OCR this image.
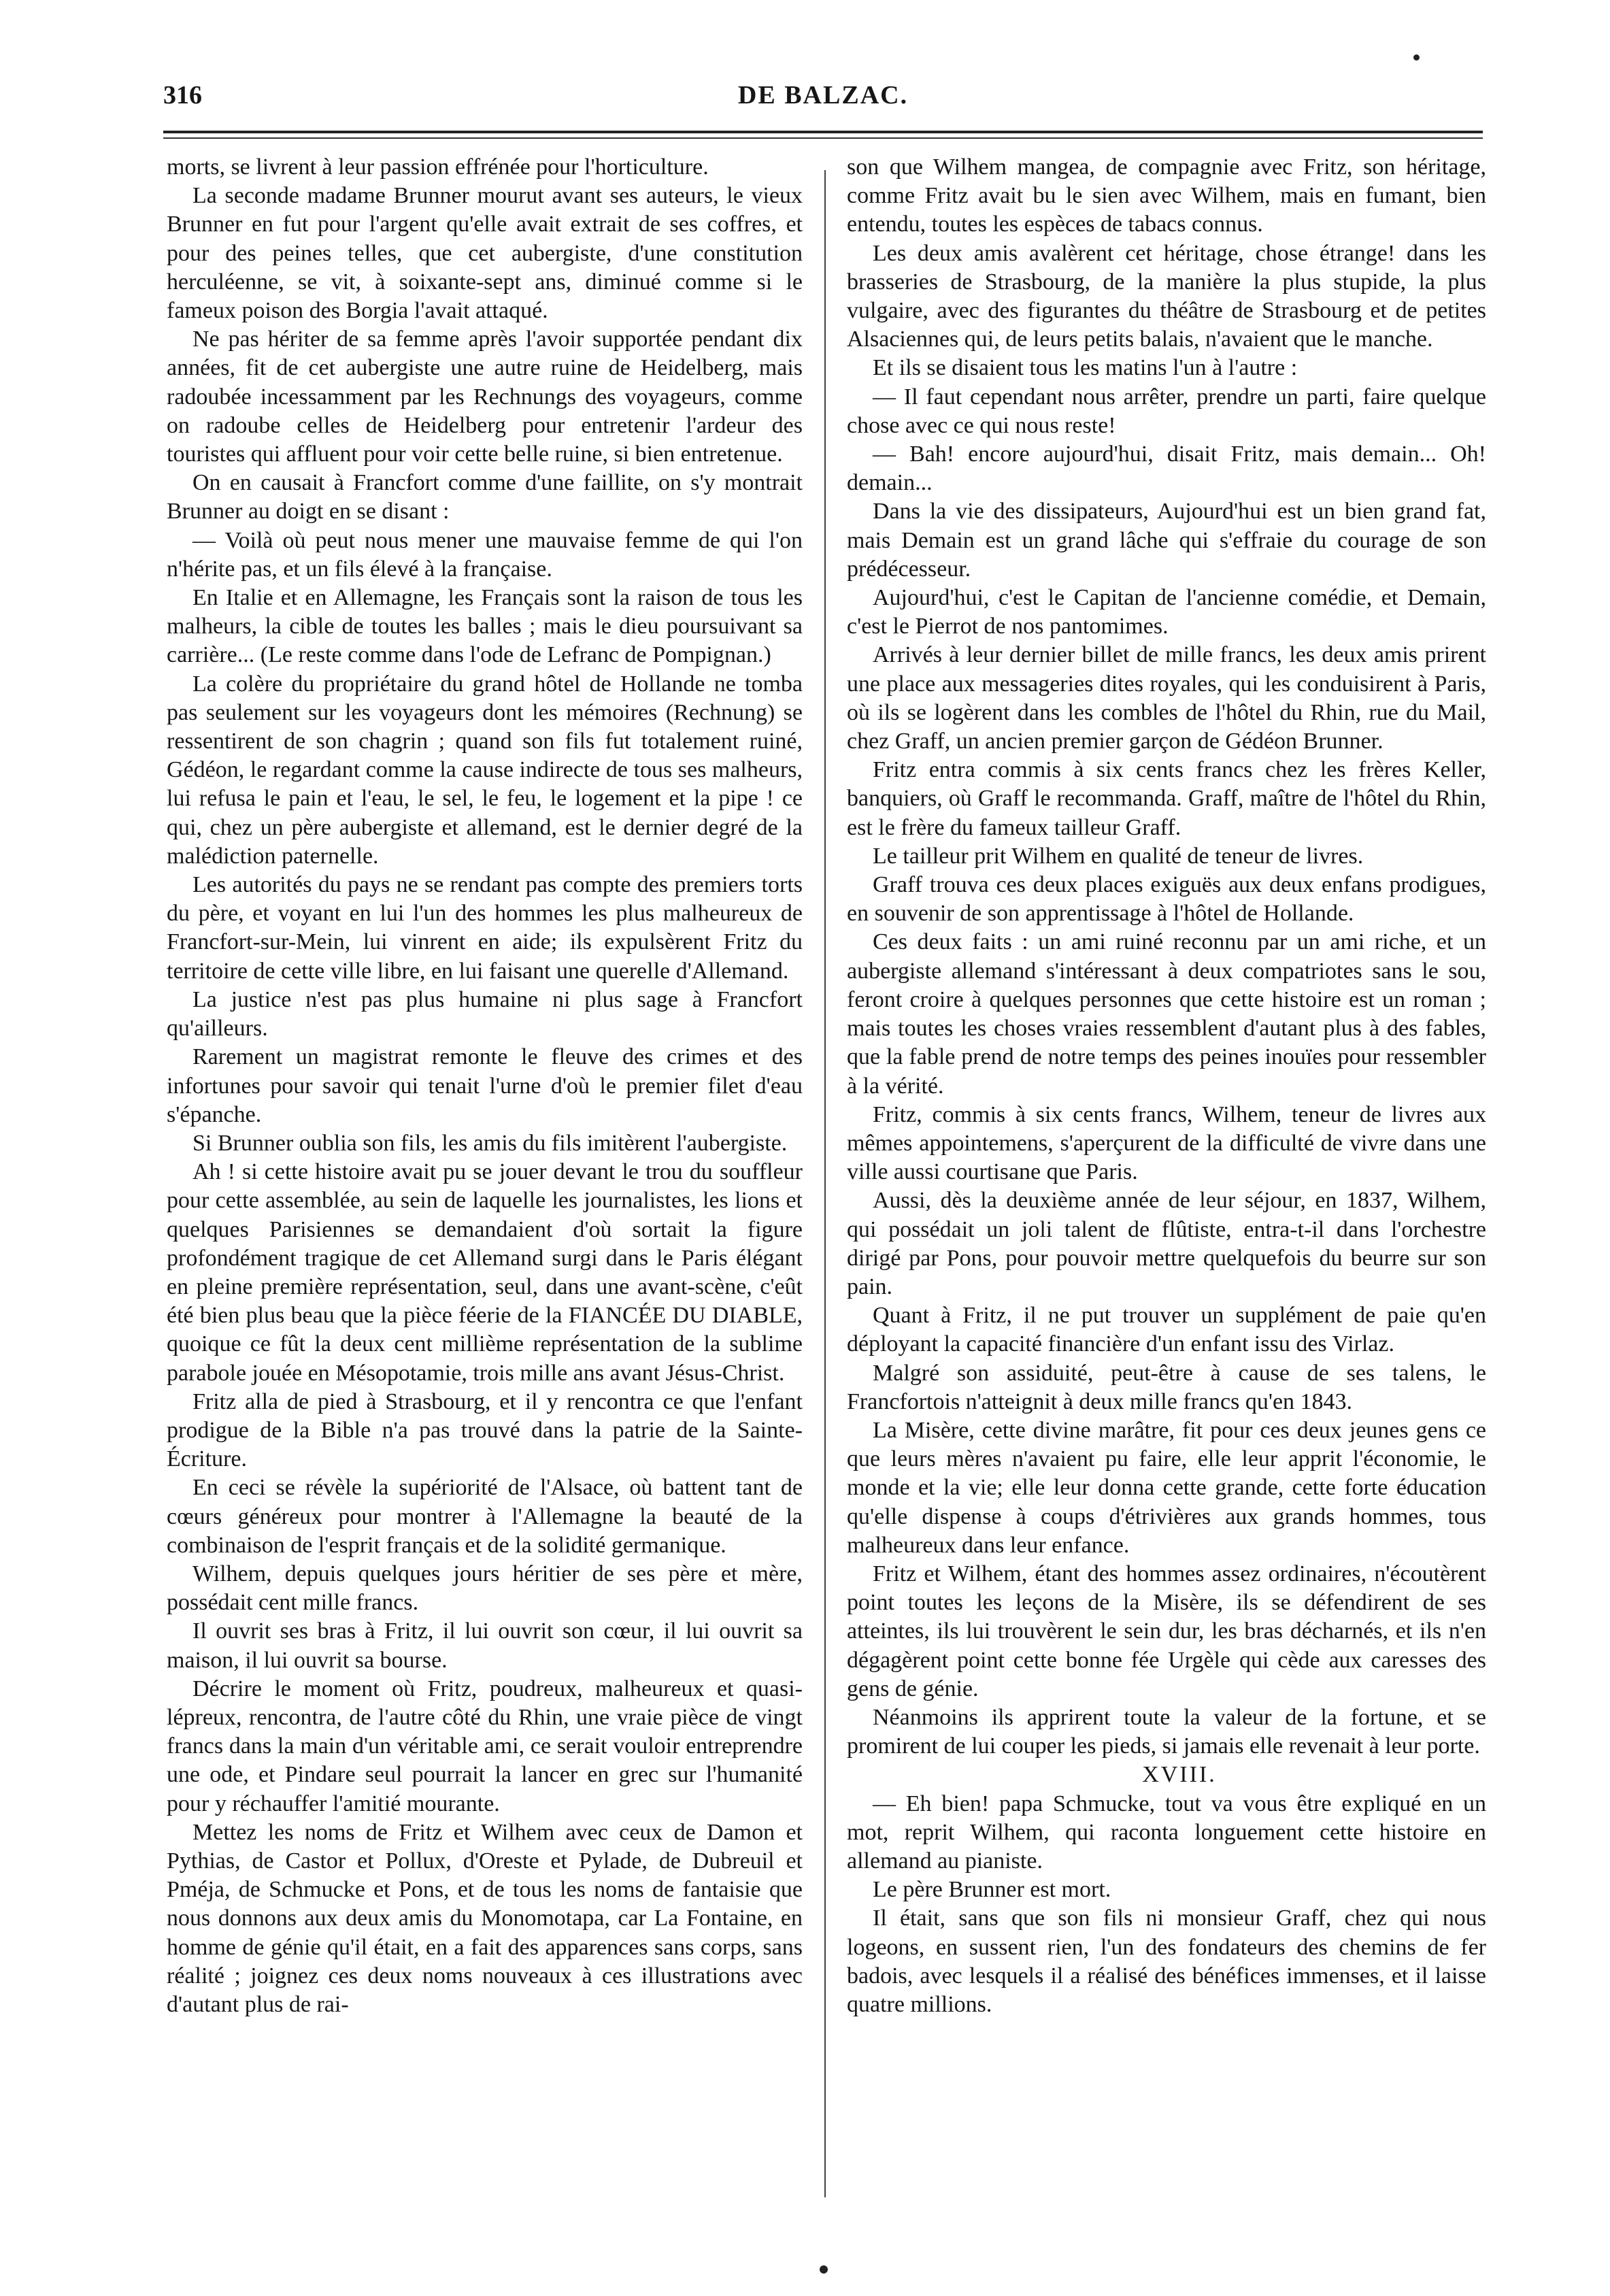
316	DE BALZAC.

morts, se livrent à leur passion effrénée pour l'horticulture.

La seconde madame Brunner mourut avant ses auteurs, le vieux Brunner en fut pour l'argent qu'elle avait extrait de ses coffres, et pour des peines telles, que cet aubergiste, d'une constitution herculéenne, se vit, à soixante-sept ans, diminué comme si le fameux poison des Borgia l'avait attaqué.

Ne pas hériter de sa femme après l'avoir supportée pendant dix années, fit de cet aubergiste une autre ruine de Heidelberg, mais radoubée incessamment par les Rechnungs des voyageurs, comme on radoube celles de Heidelberg pour entretenir l'ardeur des touristes qui affluent pour voir cette belle ruine, si bien entretenue.

On en causait à Francfort comme d'une faillite, on s'y montrait Brunner au doigt en se disant :

— Voilà où peut nous mener une mauvaise femme de qui l'on n'hérite pas, et un fils élevé à la française.

En Italie et en Allemagne, les Français sont la raison de tous les malheurs, la cible de toutes les balles ; mais le dieu poursuivant sa carrière... (Le reste comme dans l'ode de Lefranc de Pompignan.)

La colère du propriétaire du grand hôtel de Hollande ne tomba pas seulement sur les voyageurs dont les mémoires (Rechnung) se ressentirent de son chagrin ; quand son fils fut totalement ruiné, Gédéon, le regardant comme la cause indirecte de tous ses malheurs, lui refusa le pain et l'eau, le sel, le feu, le logement et la pipe ! ce qui, chez un père aubergiste et allemand, est le dernier degré de la malédiction paternelle.

Les autorités du pays ne se rendant pas compte des premiers torts du père, et voyant en lui l'un des hommes les plus malheureux de Francfort-sur-Mein, lui vinrent en aide; ils expulsèrent Fritz du territoire de cette ville libre, en lui faisant une querelle d'Allemand.

La justice n'est pas plus humaine ni plus sage à Francfort qu'ailleurs.

Rarement un magistrat remonte le fleuve des crimes et des infortunes pour savoir qui tenait l'urne d'où le premier filet d'eau s'épanche.

Si Brunner oublia son fils, les amis du fils imitèrent l'aubergiste.

Ah ! si cette histoire avait pu se jouer devant le trou du souffleur pour cette assemblée, au sein de laquelle les journalistes, les lions et quelques Parisiennes se demandaient d'où sortait la figure profondément tragique de cet Allemand surgi dans le Paris élégant en pleine première représentation, seul, dans une avant-scène, c'eût été bien plus beau que la pièce féerie de la FIANCÉE DU DIABLE, quoique ce fût la deux cent millième représentation de la sublime parabole jouée en Mésopotamie, trois mille ans avant Jésus-Christ.

Fritz alla de pied à Strasbourg, et il y rencontra ce que l'enfant prodigue de la Bible n'a pas trouvé dans la patrie de la Sainte-Écriture.

En ceci se révèle la supériorité de l'Alsace, où battent tant de cœurs généreux pour montrer à l'Allemagne la beauté de la combinaison de l'esprit français et de la solidité germanique.

Wilhem, depuis quelques jours héritier de ses père et mère, possédait cent mille francs.

Il ouvrit ses bras à Fritz, il lui ouvrit son cœur, il lui ouvrit sa maison, il lui ouvrit sa bourse.

Décrire le moment où Fritz, poudreux, malheureux et quasi-lépreux, rencontra, de l'autre côté du Rhin, une vraie pièce de vingt francs dans la main d'un véritable ami, ce serait vouloir entreprendre une ode, et Pindare seul pourrait la lancer en grec sur l'humanité pour y réchauffer l'amitié mourante.

Mettez les noms de Fritz et Wilhem avec ceux de Damon et Pythias, de Castor et Pollux, d'Oreste et Pylade, de Dubreuil et Pméja, de Schmucke et Pons, et de tous les noms de fantaisie que nous donnons aux deux amis du Monomotapa, car La Fontaine, en homme de génie qu'il était, en a fait des apparences sans corps, sans réalité ; joignez ces deux noms nouveaux à ces illustrations avec d'autant plus de rai-

son que Wilhem mangea, de compagnie avec Fritz, son héritage, comme Fritz avait bu le sien avec Wilhem, mais en fumant, bien entendu, toutes les espèces de tabacs connus.

Les deux amis avalèrent cet héritage, chose étrange! dans les brasseries de Strasbourg, de la manière la plus stupide, la plus vulgaire, avec des figurantes du théâtre de Strasbourg et de petites Alsaciennes qui, de leurs petits balais, n'avaient que le manche.

Et ils se disaient tous les matins l'un à l'autre :

— Il faut cependant nous arrêter, prendre un parti, faire quelque chose avec ce qui nous reste!

— Bah! encore aujourd'hui, disait Fritz, mais demain... Oh! demain...

Dans la vie des dissipateurs, Aujourd'hui est un bien grand fat, mais Demain est un grand lâche qui s'effraie du courage de son prédécesseur.

Aujourd'hui, c'est le Capitan de l'ancienne comédie, et Demain, c'est le Pierrot de nos pantomimes.

Arrivés à leur dernier billet de mille francs, les deux amis prirent une place aux messageries dites royales, qui les conduisirent à Paris, où ils se logèrent dans les combles de l'hôtel du Rhin, rue du Mail, chez Graff, un ancien premier garçon de Gédéon Brunner.

Fritz entra commis à six cents francs chez les frères Keller, banquiers, où Graff le recommanda. Graff, maître de l'hôtel du Rhin, est le frère du fameux tailleur Graff.

Le tailleur prit Wilhem en qualité de teneur de livres.

Graff trouva ces deux places exiguës aux deux enfans prodigues, en souvenir de son apprentissage à l'hôtel de Hollande.

Ces deux faits : un ami ruiné reconnu par un ami riche, et un aubergiste allemand s'intéressant à deux compatriotes sans le sou, feront croire à quelques personnes que cette histoire est un roman ; mais toutes les choses vraies ressemblent d'autant plus à des fables, que la fable prend de notre temps des peines inouïes pour ressembler à la vérité.

Fritz, commis à six cents francs, Wilhem, teneur de livres aux mêmes appointemens, s'aperçurent de la difficulté de vivre dans une ville aussi courtisane que Paris.

Aussi, dès la deuxième année de leur séjour, en 1837, Wilhem, qui possédait un joli talent de flûtiste, entra-t-il dans l'orchestre dirigé par Pons, pour pouvoir mettre quelquefois du beurre sur son pain.

Quant à Fritz, il ne put trouver un supplément de paie qu'en déployant la capacité financière d'un enfant issu des Virlaz.

Malgré son assiduité, peut-être à cause de ses talens, le Francfortois n'atteignit à deux mille francs qu'en 1843.

La Misère, cette divine marâtre, fit pour ces deux jeunes gens ce que leurs mères n'avaient pu faire, elle leur apprit l'économie, le monde et la vie; elle leur donna cette grande, cette forte éducation qu'elle dispense à coups d'étrivières aux grands hommes, tous malheureux dans leur enfance.

Fritz et Wilhem, étant des hommes assez ordinaires, n'écoutèrent point toutes les leçons de la Misère, ils se défendirent de ses atteintes, ils lui trouvèrent le sein dur, les bras décharnés, et ils n'en dégagèrent point cette bonne fée Urgèle qui cède aux caresses des gens de génie.

Néanmoins ils apprirent toute la valeur de la fortune, et se promirent de lui couper les pieds, si jamais elle revenait à leur porte.

XVIII.

— Eh bien! papa Schmucke, tout va vous être expliqué en un mot, reprit Wilhem, qui raconta longuement cette histoire en allemand au pianiste.

Le père Brunner est mort.

Il était, sans que son fils ni monsieur Graff, chez qui nous logeons, en sussent rien, l'un des fondateurs des chemins de fer badois, avec lesquels il a réalisé des bénéfices immenses, et il laisse quatre millions.
